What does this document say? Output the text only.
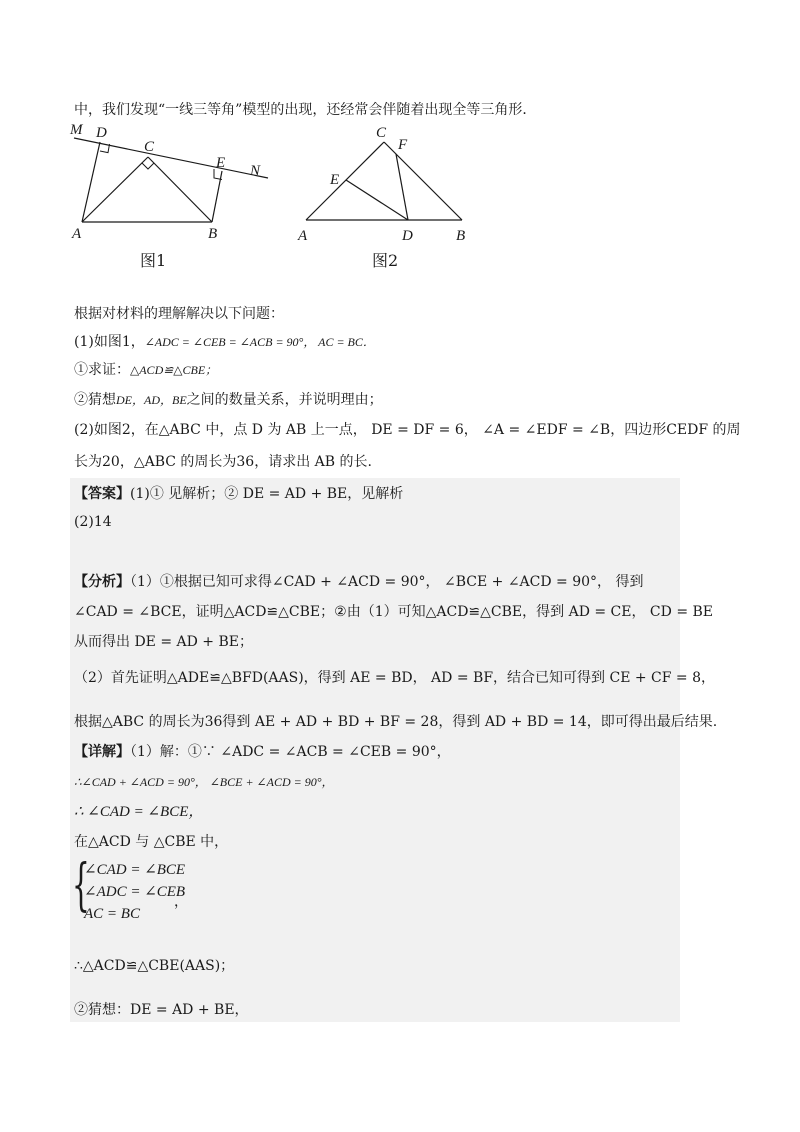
中，我们发现“一线三等角”模型的出现，还经常会伴随着出现全等三角形．
M D
C
E N
A	B
图1
C
F
E
A	D	B
图2
根据对材料的理解解决以下问题：
(1)如图1，∠ADC = ∠CEB = ∠ACB = 90°， AC = BC．
①求证：△ACD≌△CBE；
②猜想DE，AD，BE之间的数量关系，并说明理由；
(2)如图2，在△ABC 中，点 D 为 AB 上一点， DE = DF = 6， ∠A = ∠EDF = ∠B，四边形CEDF 的周
长为20，△ABC 的周长为36，请求出 AB 的长.
【答案】(1)① 见解析；② DE = AD + BE，见解析
(2)14
【分析】（1）①根据已知可求得∠CAD + ∠ACD = 90°， ∠BCE + ∠ACD = 90°， 得到
∠CAD = ∠BCE，证明△ACD≌△CBE；②由（1）可知△ACD≌△CBE，得到 AD = CE， CD = BE
从而得出 DE = AD + BE；
（2）首先证明△ADE≌△BFD(AAS)，得到 AE = BD， AD = BF，结合已知可得到 CE + CF = 8，
根据△ABC 的周长为36得到 AE + AD + BD + BF = 28，得到 AD + BD = 14，即可得出最后结果.
【详解】（1）解：①∵ ∠ADC = ∠ACB = ∠CEB = 90°，
∴∠CAD + ∠ACD = 90°， ∠BCE + ∠ACD = 90°，
∴ ∠CAD = ∠BCE，
在△ACD 与 △CBE 中，
{
∠CAD = ∠BCE
∠ADC = ∠CEB
AC = BC
，
∴△ACD≌△CBE(AAS)；
②猜想：DE = AD + BE，
